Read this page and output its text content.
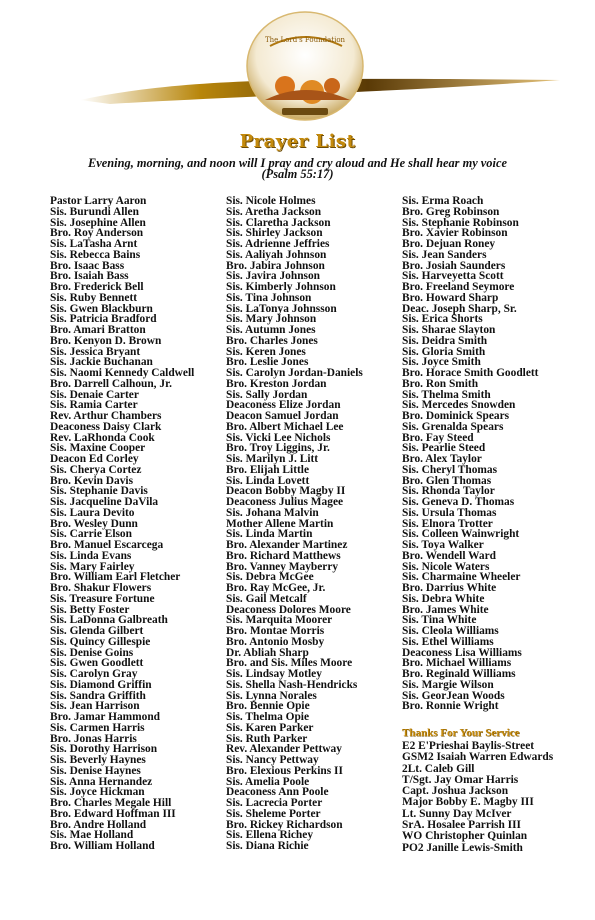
The Lord's Foundation
Prayer List
Evening, morning, and noon will I pray and cry aloud and He shall hear my voice
(Psalm 55:17)
Pastor Larry Aaron
Sis. Burundi Allen
Sis. Josephine Allen
Bro. Roy Anderson
Sis. LaTasha Arnt
Sis. Rebecca Bains
Bro. Isaac Bass
Bro. Isaiah Bass
Bro. Frederick Bell
Sis. Ruby Bennett
Sis. Gwen Blackburn
Sis. Patricia Bradford
Bro. Amari Bratton
Bro. Kenyon D. Brown
Sis. Jessica Bryant
Sis. Jackie Buchanan
Sis. Naomi Kennedy Caldwell
Bro. Darrell Calhoun, Jr.
Sis. Denaie Carter
Sis. Ramia Carter
Rev. Arthur Chambers
Deaconess Daisy Clark
Rev. LaRhonda Cook
Sis. Maxine Cooper
Deacon Ed Corley
Sis. Cherya Cortez
Bro. Kevin Davis
Sis. Stephanie Davis
Sis. Jacqueline DaVila
Sis. Laura Devito
Bro. Wesley Dunn
Sis. Carrie Elson
Bro. Manuel Escarcega
Sis. Linda Evans
Sis. Mary Fairley
Bro. William Earl Fletcher
Bro. Shakur Flowers
Sis. Treasure Fortune
Sis. Betty Foster
Sis. LaDonna Galbreath
Sis. Glenda Gilbert
Sis. Quincy Gillespie
Sis. Denise Goins
Sis. Gwen Goodlett
Sis. Carolyn Gray
Sis. Diamond Griffin
Sis. Sandra Griffith
Sis. Jean Harrison
Bro. Jamar Hammond
Sis. Carmen Harris
Bro. Jonas Harris
Sis. Dorothy Harrison
Sis. Beverly Haynes
Sis. Denise Haynes
Sis. Anna Hernandez
Sis. Joyce Hickman
Bro. Charles Megale Hill
Bro. Edward Hoffman III
Bro. Andre Holland
Sis. Mae Holland
Bro. William Holland
Sis. Nicole Holmes
Sis. Aretha Jackson
Sis. Claretha Jackson
Sis. Shirley Jackson
Sis. Adrienne Jeffries
Sis. Aaliyah Johnson
Bro. Jabira Johnson
Sis. Javira Johnson
Sis. Kimberly Johnson
Sis. Tina Johnson
Sis. LaTonya Johnsson
Sis. Mary Johnson
Sis. Autumn Jones
Bro. Charles Jones
Sis. Keren Jones
Bro. Leslie Jones
Sis. Carolyn Jordan-Daniels
Bro. Kreston Jordan
Sis. Sally Jordan
Deaconess Elize Jordan
Deacon Samuel Jordan
Bro. Albert Michael Lee
Sis. Vicki Lee Nichols
Bro. Troy Liggins, Jr.
Sis. Marilyn J. Litt
Bro. Elijah Little
Sis. Linda Lovett
Deacon Bobby Magby II
Deaconess Julius Magee
Sis. Johana Malvin
Mother Allene Martin
Sis. Linda Martin
Bro. Alexander Martinez
Bro. Richard Matthews
Bro. Vanney Mayberry
Sis. Debra McGee
Bro. Ray McGee, Jr.
Sis. Gail Metcalf
Deaconess Dolores Moore
Sis. Marquita Moorer
Bro. Montae Morris
Bro. Antonio Mosby
Dr. Abliah Sharp
Bro. and Sis. Miles Moore
Sis. Lindsay Motley
Sis. Shella Nash-Hendricks
Sis. Lynna Norales
Bro. Bennie Opie
Sis. Thelma Opie
Sis. Karen Parker
Sis. Ruth Parker
Rev. Alexander Pettway
Sis. Nancy Pettway
Bro. Elexious Perkins II
Sis. Amelia Poole
Deaconess Ann Poole
Sis. Lacrecia Porter
Sis. Sheleme Porter
Bro. Rickey Richardson
Sis. Ellena Richey
Sis. Diana Richie
Sis. Erma Roach
Bro. Greg Robinson
Sis. Stephanie Robinson
Bro. Xavier Robinson
Bro. Dejuan Roney
Sis. Jean Sanders
Bro. Josiah Saunders
Sis. Harveyetta Scott
Bro. Freeland Seymore
Bro. Howard Sharp
Deac. Joseph Sharp, Sr.
Sis. Erica Shorts
Sis. Sharae Slayton
Sis. Deidra Smith
Sis. Gloria Smith
Sis. Joyce Smith
Bro. Horace Smith Goodlett
Bro. Ron Smith
Sis. Thelma Smith
Sis. Mercedes Snowden
Bro. Dominick Spears
Sis. Grenalda Spears
Bro. Fay Steed
Sis. Pearlie Steed
Bro. Alex Taylor
Sis. Cheryl Thomas
Bro. Glen Thomas
Sis. Rhonda Taylor
Sis. Geneva D. Thomas
Sis. Ursula Thomas
Sis. Elnora Trotter
Sis. Colleen Wainwright
Sis. Toya Walker
Bro. Wendell Ward
Sis. Nicole Waters
Sis. Charmaine Wheeler
Bro. Darrius White
Sis. Debra White
Bro. James White
Sis. Tina White
Sis. Cleola Williams
Sis. Ethel Williams
Deaconess Lisa Williams
Bro. Michael Williams
Bro. Reginald Williams
Sis. Margie Wilson
Sis. GeorJean Woods
Bro. Ronnie Wright
Thanks For Your Service
E2 E'Prieshai Baylis-Street
GSM2 Isaiah Warren Edwards
2Lt. Caleb Gill
T/Sgt. Jay Omar Harris
Capt. Joshua Jackson
Major Bobby E. Magby III
Lt. Sunny Day McIver
SrA. Hosalee Parrish III
WO Christopher Quinlan
PO2 Janille Lewis-Smith
